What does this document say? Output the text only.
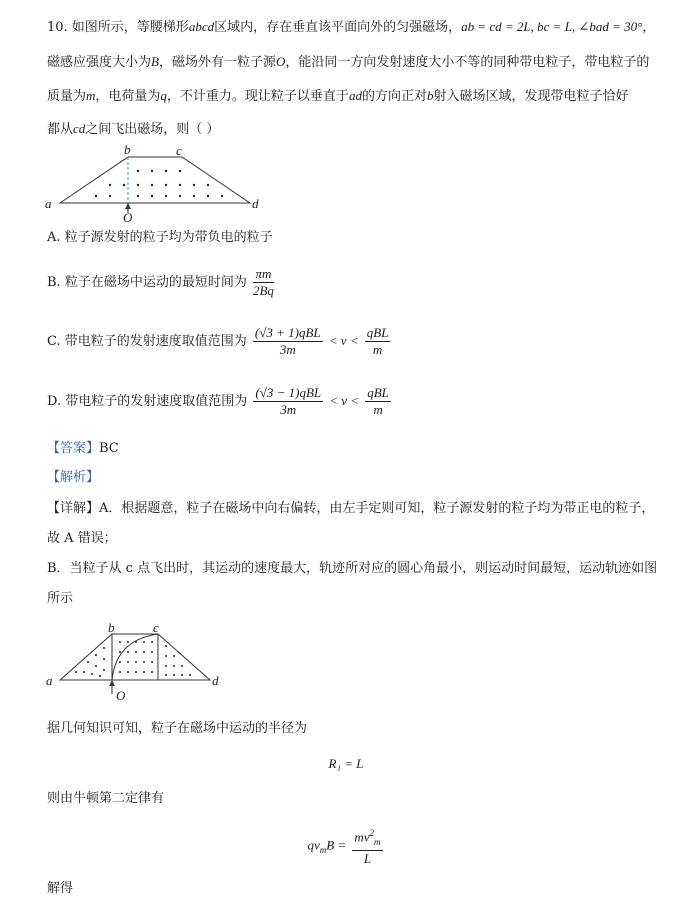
10. 如图所示，等腰梯形abcd区域内，存在垂直该平面向外的匀强磁场，ab = cd = 2L, bc = L, ∠bad = 30°，
磁感应强度大小为B，磁场外有一粒子源O，能沿同一方向发射速度大小不等的同种带电粒子，带电粒子的
质量为m，电荷量为q，不计重力。现让粒子以垂直于ad的方向正对b射入磁场区域，发现带电粒子恰好
都从cd之间飞出磁场，则（ ）
a
b	c
d
O
A. 粒子源发射的粒子均为带负电的粒子
B. 粒子在磁场中运动的最短时间为 $\frac{\pi m}{2Bq}$
C. 带电粒子的发射速度取值范围为 $\frac{\text{(√3 + 1)qBL}}{3m} < v < \frac{\text{qBL}}{m}$
D. 带电粒子的发射速度取值范围为 $\frac{\text{(√3 − 1)qBL}}{3m} < v < \frac{\text{qBL}}{m}$
【答案】BC
【解析】
【详解】A．根据题意，粒子在磁场中向右偏转，由左手定则可知，粒子源发射的粒子均为带正电的粒子，
故 A 错误；
B．当粒子从 c 点飞出时，其运动的速度最大，轨迹所对应的圆心角最小，则运动时间最短，运动轨迹如图
所示
a
b	c
d
O
据几何知识可知，粒子在磁场中运动的半径为
R₁ = L
则由牛顿第二定律有
$qv_mB = \frac{mv^2_m}{L}$
解得
